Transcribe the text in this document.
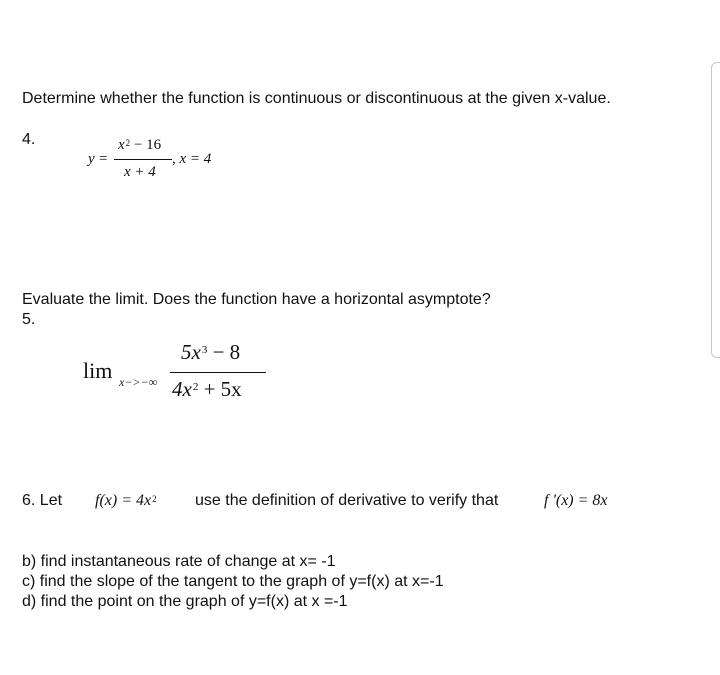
Determine whether the function is continuous or discontinuous at the given x-value.
4.
y =
$x^2 - 16$
x + 4
, x = 4
Evaluate the limit. Does the function have a horizontal asymptote?
5.
lim x−>−∞
$5x^3 - 8$
$4x^2 + 5x$
6. Let $f(x) = 4x^2$ use the definition of derivative to verify that	f '(x) = 8x
b) find instantaneous rate of change at x= -1
c) find the slope of the tangent to the graph of y=f(x) at x=-1
d) find the point on the graph of y=f(x) at x =-1
